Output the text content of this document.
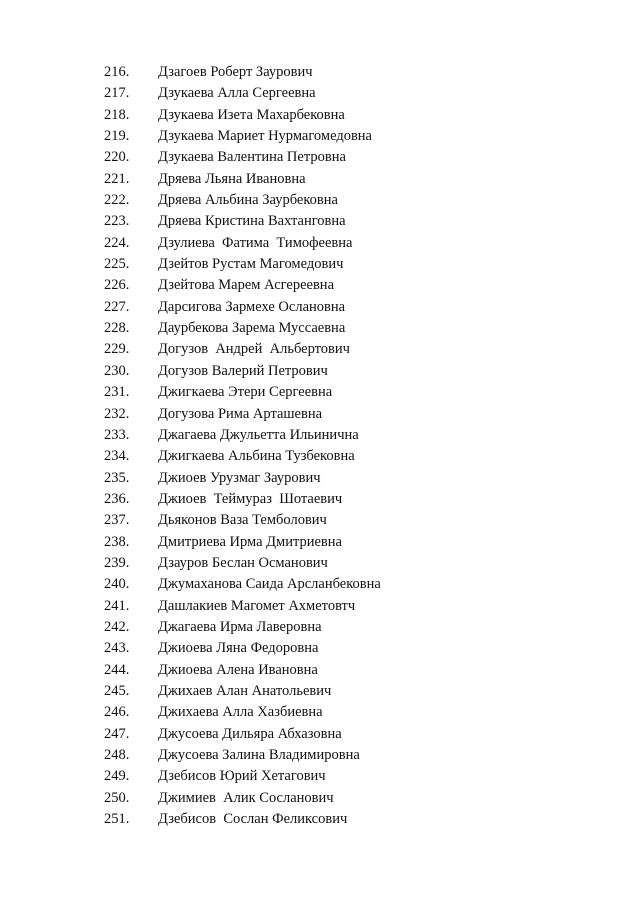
216. Дзагоев Роберт Заурович
217. Дзукаева Алла Сергеевна
218. Дзукаева Изета Махарбековна
219. Дзукаева Мариет Нурмагомедовна
220. Дзукаева Валентина Петровна
221. Дряева Льяна Ивановна
222. Дряева Альбина Заурбековна
223. Дряева Кристина Вахтанговна
224. Дзулиева  Фатима  Тимофеевна
225. Дзейтов Рустам Магомедович
226. Дзейтова Марем Асгереевна
227. Дарсигова Зармехе Ослановна
228. Даурбекова Зарема Муссаевна
229. Догузов  Андрей  Альбертович
230. Догузов Валерий Петрович
231. Джигкаева Этери Сергеевна
232. Догузова Рима Арташевна
233. Джагаева Джульетта Ильинична
234. Джигкаева Альбина Тузбековна
235. Джиоев Урузмаг Заурович
236. Джиоев  Теймураз  Шотаевич
237. Дьяконов Ваза Темболович
238. Дмитриева Ирма Дмитриевна
239. Дзауров Беслан Османович
240. Джумаханова Саида Арсланбековна
241. Дашлакиев Магомет Ахметовтч
242. Джагаева Ирма Лаверовна
243. Джиоева Ляна Федоровна
244. Джиоева Алена Ивановна
245. Джихаев Алан Анатольевич
246. Джихаева Алла Хазбиевна
247. Джусоева Дильяра Абхазовна
248. Джусоева Залина Владимировна
249. Дзебисов Юрий Хетагович
250. Джимиев  Алик Сосланович
251. Дзебисов  Сослан Феликсович
